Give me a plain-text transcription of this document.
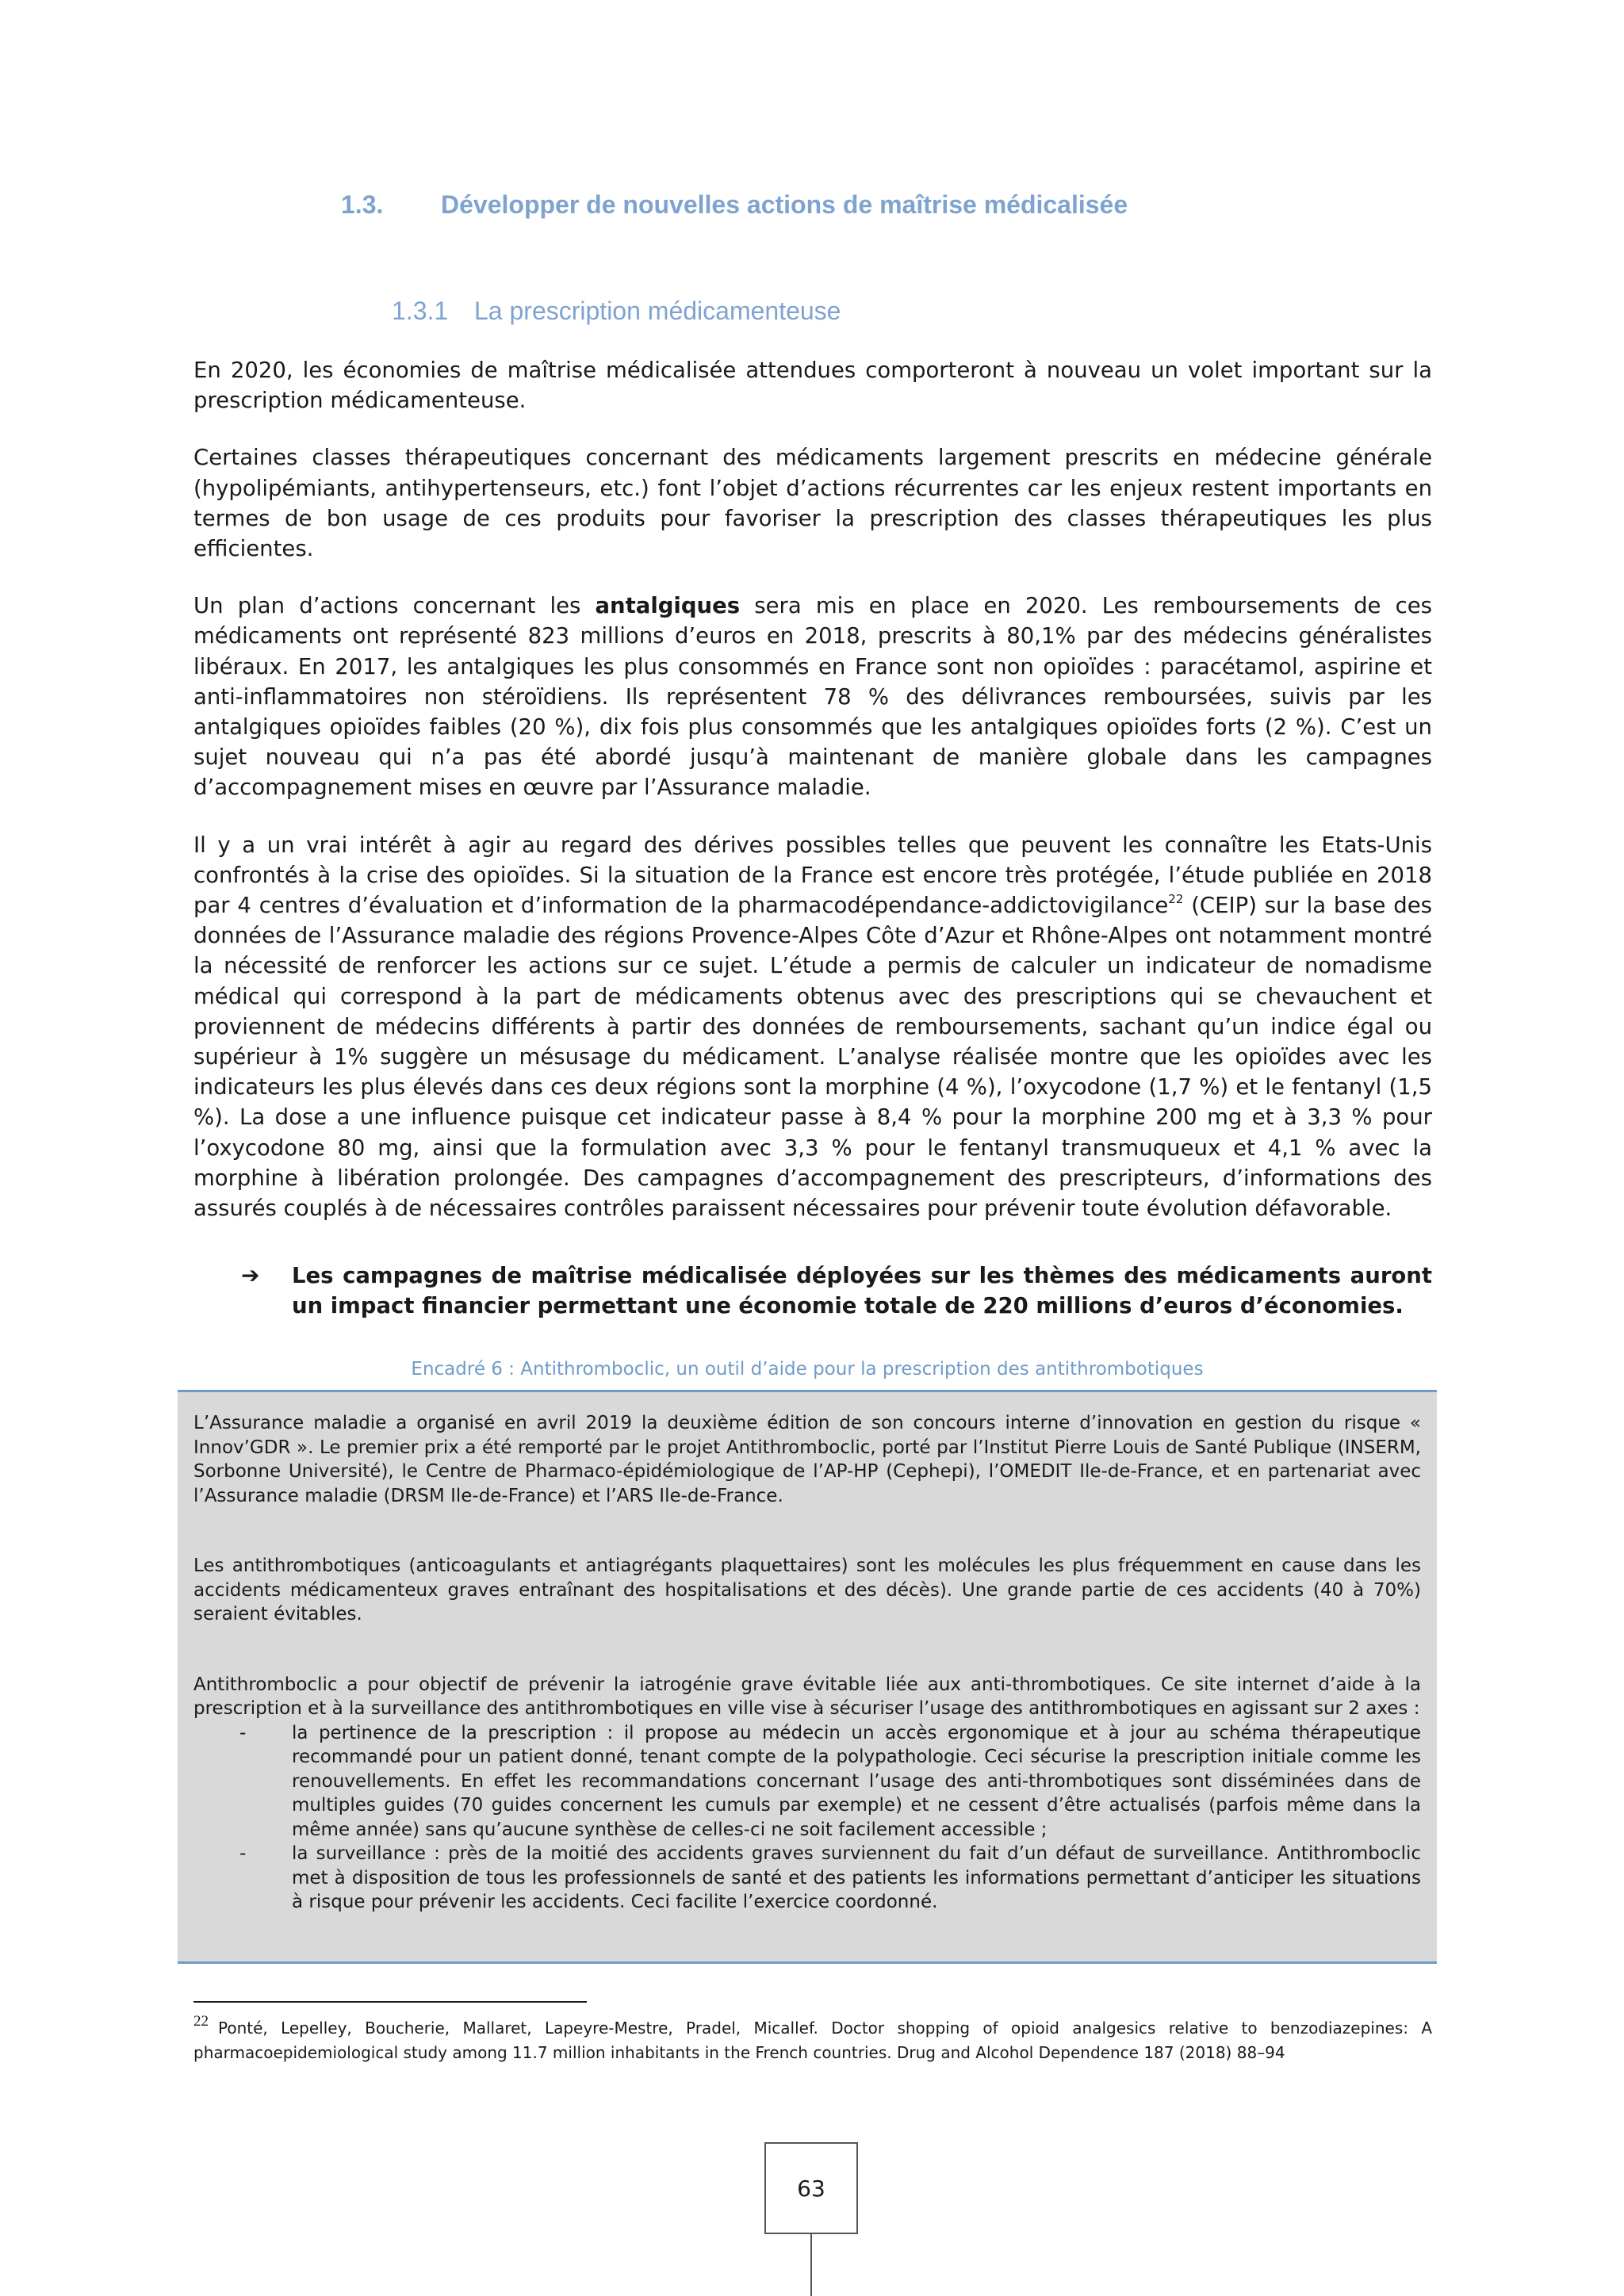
1.3.	Développer de nouvelles actions de maîtrise médicalisée
1.3.1	La prescription médicamenteuse

En 2020, les économies de maîtrise médicalisée attendues comporteront à nouveau un volet important sur la prescription médicamenteuse.

Certaines classes thérapeutiques concernant des médicaments largement prescrits en médecine générale (hypolipémiants, antihypertenseurs, etc.) font l’objet d’actions récurrentes car les enjeux restent importants en termes de bon usage de ces produits pour favoriser la prescription des classes thérapeutiques les plus efficientes.

Un plan d’actions concernant les antalgiques sera mis en place en 2020. Les remboursements de ces médicaments ont représenté 823 millions d’euros en 2018, prescrits à 80,1% par des médecins généralistes libéraux. En 2017, les antalgiques les plus consommés en France sont non opioïdes : paracétamol, aspirine et anti-inflammatoires non stéroïdiens. Ils représentent 78 % des délivrances remboursées, suivis par les antalgiques opioïdes faibles (20 %), dix fois plus consommés que les antalgiques opioïdes forts (2 %). C’est un sujet nouveau qui n’a pas été abordé jusqu’à maintenant de manière globale dans les campagnes d’accompagnement mises en œuvre par l’Assurance maladie.

Il y a un vrai intérêt à agir au regard des dérives possibles telles que peuvent les connaître les Etats-Unis confrontés à la crise des opioïdes. Si la situation de la France est encore très protégée, l’étude publiée en 2018 par 4 centres d’évaluation et d’information de la pharmacodépendance-addictovigilance$^{22}$ (CEIP) sur la base des données de l’Assurance maladie des régions Provence-Alpes Côte d’Azur et Rhône-Alpes ont notamment montré la nécessité de renforcer les actions sur ce sujet. L’étude a permis de calculer un indicateur de nomadisme médical qui correspond à la part de médicaments obtenus avec des prescriptions qui se chevauchent et proviennent de médecins différents à partir des données de remboursements, sachant qu’un indice égal ou supérieur à 1% suggère un mésusage du médicament. L’analyse réalisée montre que les opioïdes avec les indicateurs les plus élevés dans ces deux régions sont la morphine (4 %), l’oxycodone (1,7 %) et le fentanyl (1,5 %). La dose a une influence puisque cet indicateur passe à 8,4 % pour la morphine 200 mg et à 3,3 % pour l’oxycodone 80 mg, ainsi que la formulation avec 3,3 % pour le fentanyl transmuqueux et 4,1 % avec la morphine à libération prolongée. Des campagnes d’accompagnement des prescripteurs, d’informations des assurés couplés à de nécessaires contrôles paraissent nécessaires pour prévenir toute évolution défavorable.

➔	Les campagnes de maîtrise médicalisée déployées sur les thèmes des médicaments auront un impact financier permettant une économie totale de 220 millions d’euros d’économies.
Encadré 6 : Antithromboclic, un outil d’aide pour la prescription des antithrombotiques

L’Assurance maladie a organisé en avril 2019 la deuxième édition de son concours interne d’innovation en gestion du risque « Innov’GDR ». Le premier prix a été remporté par le projet Antithromboclic, porté par l’Institut Pierre Louis de Santé Publique (INSERM, Sorbonne Université), le Centre de Pharmaco-épidémiologique de l’AP-HP (Cephepi), l’OMEDIT Ile-de-France, et en partenariat avec l’Assurance maladie (DRSM Ile-de-France) et l’ARS Ile-de-France.

Les antithrombotiques (anticoagulants et antiagrégants plaquettaires) sont les molécules les plus fréquemment en cause dans les accidents médicamenteux graves entraînant des hospitalisations et des décès). Une grande partie de ces accidents (40 à 70%) seraient évitables.

Antithromboclic a pour objectif de prévenir la iatrogénie grave évitable liée aux anti-thrombotiques. Ce site internet d’aide à la prescription et à la surveillance des antithrombotiques en ville vise à sécuriser l’usage des antithrombotiques en agissant sur 2 axes :

-	la pertinence de la prescription : il propose au médecin un accès ergonomique et à jour au schéma thérapeutique recommandé pour un patient donné, tenant compte de la polypathologie. Ceci sécurise la prescription initiale comme les renouvellements. En effet les recommandations concernant l’usage des anti-thrombotiques sont disséminées dans de multiples guides (70 guides concernent les cumuls par exemple) et ne cessent d’être actualisés (parfois même dans la même année) sans qu’aucune synthèse de celles-ci ne soit facilement accessible ;
-	la surveillance : près de la moitié des accidents graves surviennent du fait d’un défaut de surveillance. Antithromboclic met à disposition de tous les professionnels de santé et des patients les informations permettant d’anticiper les situations à risque pour prévenir les accidents. Ceci facilite l’exercice coordonné.
22 Ponté, Lepelley, Boucherie, Mallaret, Lapeyre-Mestre, Pradel, Micallef. Doctor shopping of opioid analgesics relative to benzodiazepines: A pharmacoepidemiological study among 11.7 million inhabitants in the French countries. Drug and Alcohol Dependence 187 (2018) 88–94
63
